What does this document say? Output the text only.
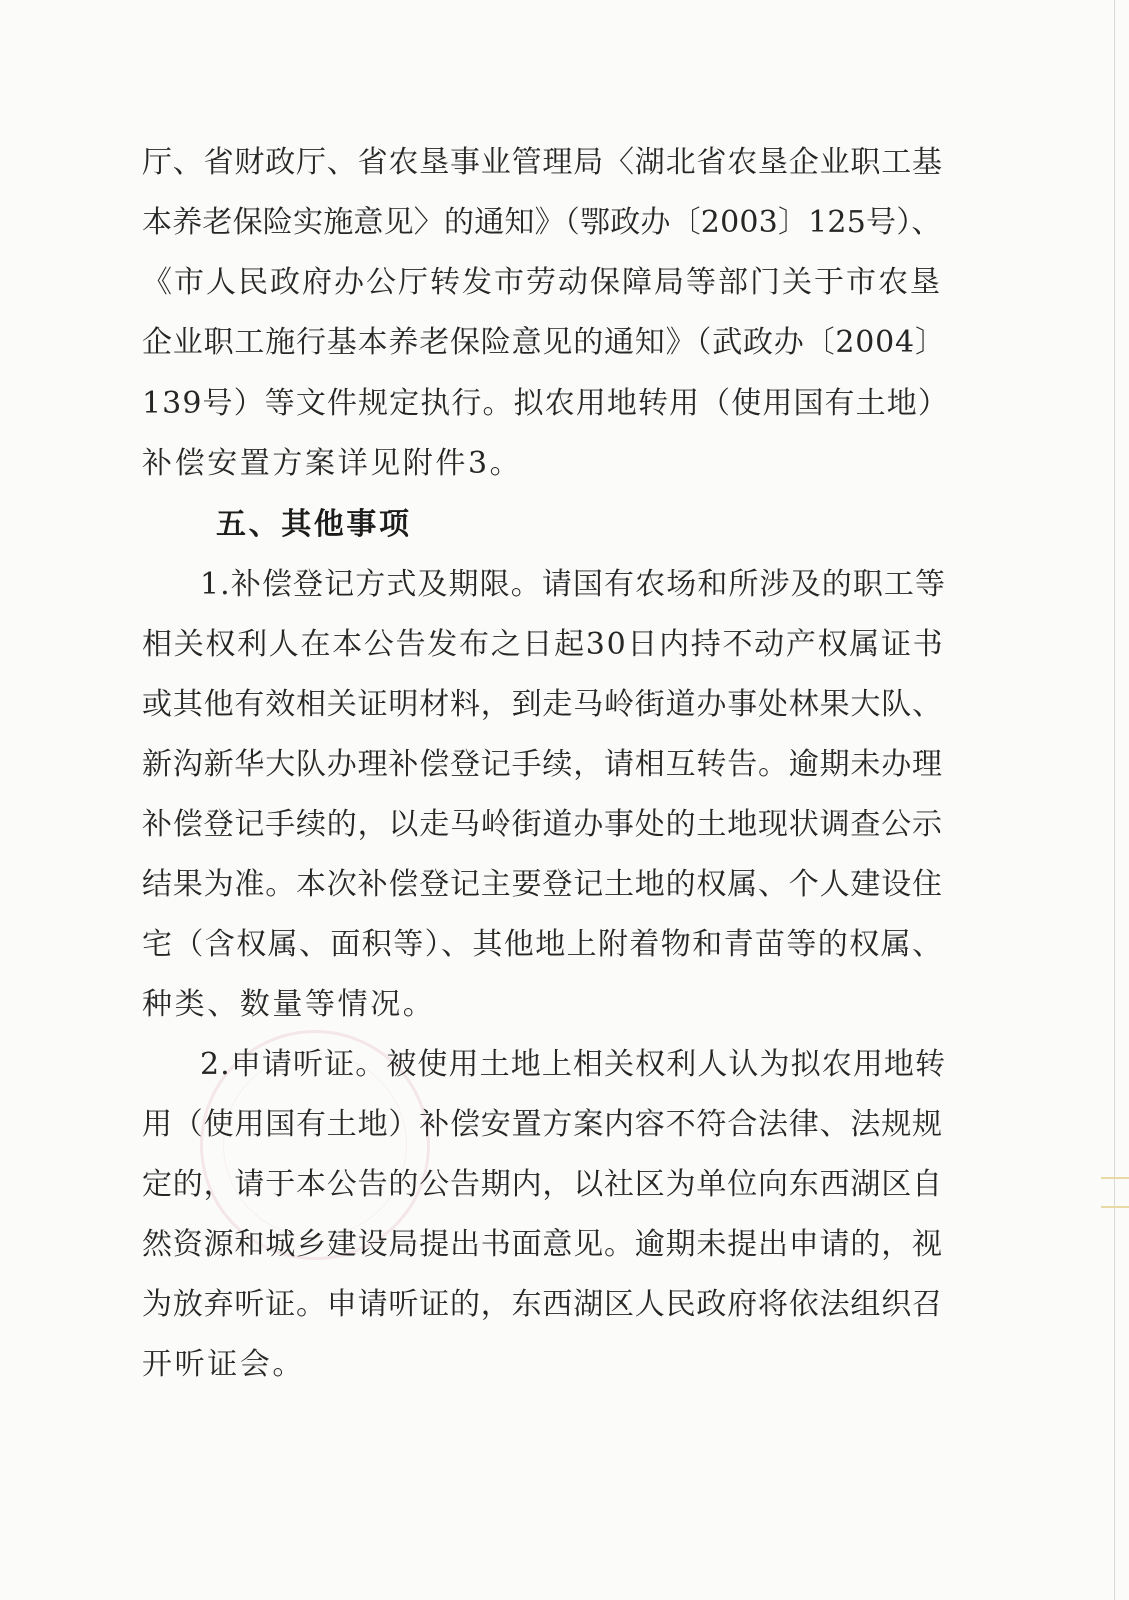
厅、省财政厅、省农垦事业管理局〈湖北省农垦企业职工基
本养老保险实施意见〉的通知》（鄂政办〔2003〕125号）、
《市人民政府办公厅转发市劳动保障局等部门关于市农垦
企业职工施行基本养老保险意见的通知》（武政办〔2004〕
139号）等文件规定执行。拟农用地转用（使用国有土地）
补偿安置方案详见附件3。
五、其他事项
1.补偿登记方式及期限。请国有农场和所涉及的职工等
相关权利人在本公告发布之日起30日内持不动产权属证书
或其他有效相关证明材料，到走马岭街道办事处林果大队、
新沟新华大队办理补偿登记手续，请相互转告。逾期未办理
补偿登记手续的，以走马岭街道办事处的土地现状调查公示
结果为准。本次补偿登记主要登记土地的权属、个人建设住
宅（含权属、面积等）、其他地上附着物和青苗等的权属、
种类、数量等情况。
2.申请听证。被使用土地上相关权利人认为拟农用地转
用（使用国有土地）补偿安置方案内容不符合法律、法规规
定的，请于本公告的公告期内，以社区为单位向东西湖区自
然资源和城乡建设局提出书面意见。逾期未提出申请的，视
为放弃听证。申请听证的，东西湖区人民政府将依法组织召
开听证会。
